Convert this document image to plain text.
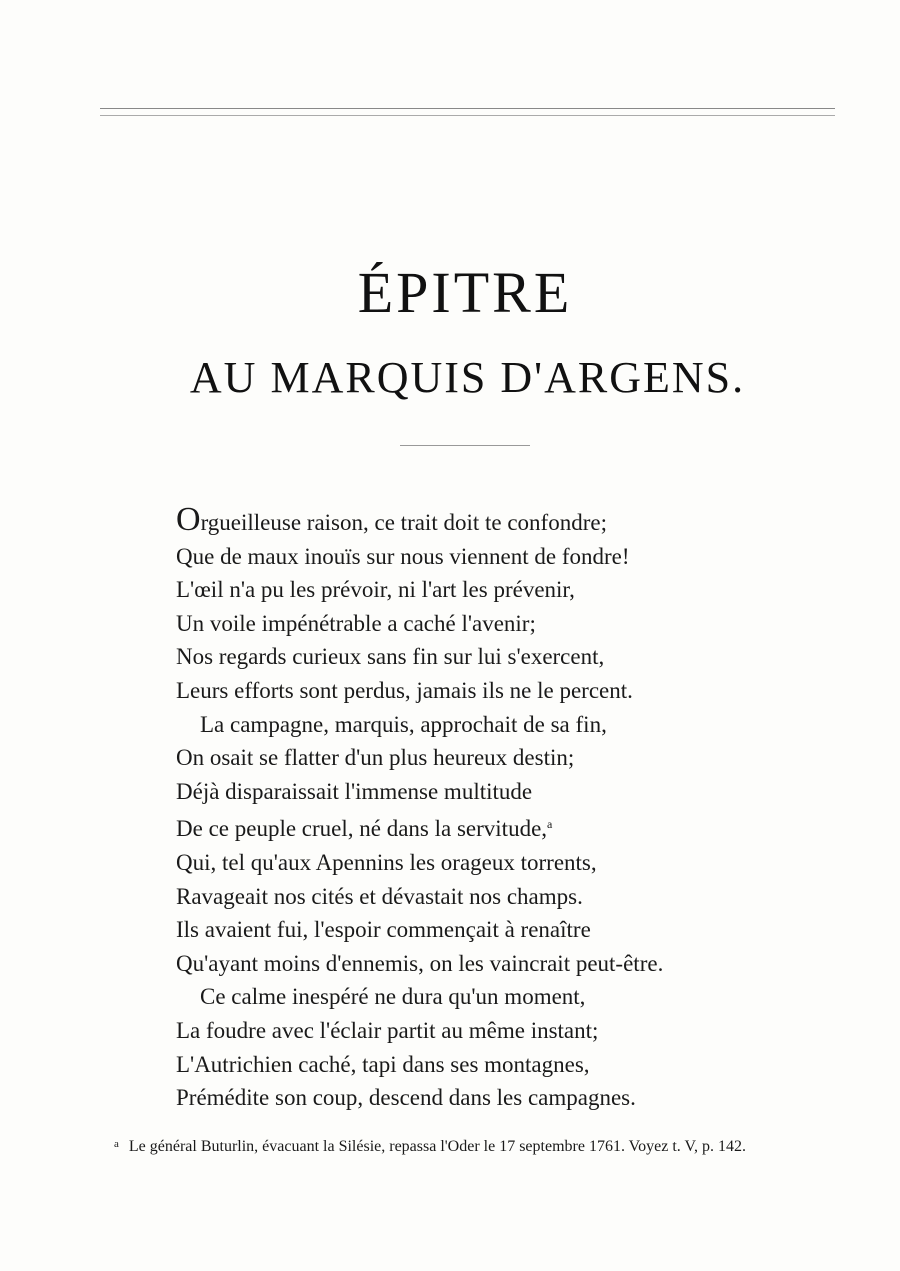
ÉPITRE
AU MARQUIS D'ARGENS.
Orgueilleuse raison, ce trait doit te confondre;
Que de maux inouïs sur nous viennent de fondre!
L'œil n'a pu les prévoir, ni l'art les prévenir,
Un voile impénétrable a caché l'avenir;
Nos regards curieux sans fin sur lui s'exercent,
Leurs efforts sont perdus, jamais ils ne le percent.
La campagne, marquis, approchait de sa fin,
On osait se flatter d'un plus heureux destin;
Déjà disparaissait l'immense multitude
De ce peuple cruel, né dans la servitude,$^a$
Qui, tel qu'aux Apennins les orageux torrents,
Ravageait nos cités et dévastait nos champs.
Ils avaient fui, l'espoir commençait à renaître
Qu'ayant moins d'ennemis, on les vaincrait peut-être.
Ce calme inespéré ne dura qu'un moment,
La foudre avec l'éclair partit au même instant;
L'Autrichien caché, tapi dans ses montagnes,
Prémédite son coup, descend dans les campagnes.
$^a$ Le général Buturlin, évacuant la Silésie, repassa l'Oder le 17 septembre 1761. Voyez t. V, p. 142.
